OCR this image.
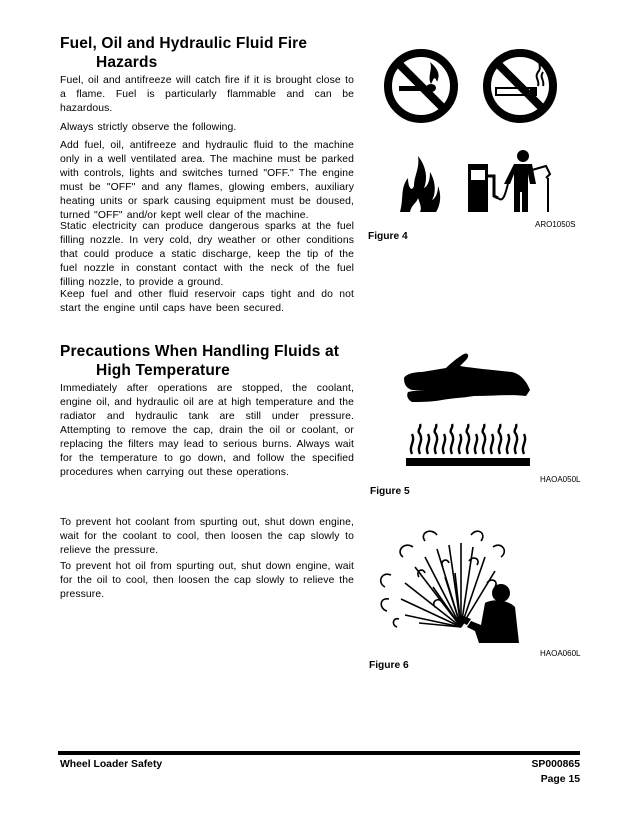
Fuel, Oil and Hydraulic Fluid Fire
Hazards

Fuel, oil and antifreeze will catch fire if it is brought close to a flame. Fuel is particularly flammable and can be hazardous.

Always strictly observe the following.

Add fuel, oil, antifreeze and hydraulic fluid to the machine only in a well ventilated area. The machine must be parked with controls, lights and switches turned "OFF." The engine must be "OFF" and any flames, glowing embers, auxiliary heating units or spark causing equipment must be doused, turned "OFF" and/or kept well clear of the machine.

Static electricity can produce dangerous sparks at the fuel filling nozzle. In very cold, dry weather or other conditions that could produce a static discharge, keep the tip of the fuel nozzle in constant contact with the neck of the fuel filling nozzle, to provide a ground.

Keep fuel and other fluid reservoir caps tight and do not start the engine until caps have been secured.

ARO1050S
Figure 4
Precautions When Handling Fluids at
High Temperature

Immediately after operations are stopped, the coolant, engine oil, and hydraulic oil are at high temperature and the radiator and hydraulic tank are still under pressure. Attempting to remove the cap, drain the oil or coolant, or replacing the filters may lead to serious burns. Always wait for the temperature to go down, and follow the specified procedures when carrying out these operations.

To prevent hot coolant from spurting out, shut down engine, wait for the coolant to cool, then loosen the cap slowly to relieve the pressure.

To prevent hot oil from spurting out, shut down engine, wait for the oil to cool, then loosen the cap slowly to relieve the pressure.

HAOA050L
Figure 5
HAOA060L
Figure 6
Wheel Loader Safety	SP000865
Page 15
